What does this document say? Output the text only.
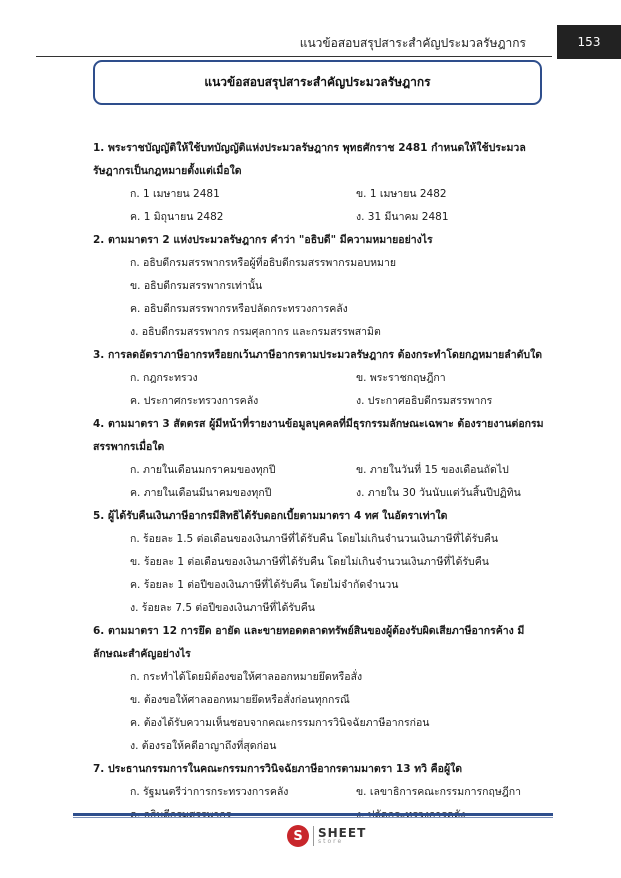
แนวข้อสอบสรุปสาระสำคัญประมวลรัษฎากร	153
แนวข้อสอบสรุปสาระสำคัญประมวลรัษฎากร
1. พระราชบัญญัติให้ใช้บทบัญญัติแห่งประมวลรัษฎากร พุทธศักราช 2481 กำหนดให้ใช้ประมวลรัษฎากรเป็นกฎหมายตั้งแต่เมื่อใด
ก. 1 เมษายน 2481	ข. 1 เมษายน 2482
ค. 1 มิถุนายน 2482	ง. 31 มีนาคม 2481
2. ตามมาตรา 2 แห่งประมวลรัษฎากร คำว่า "อธิบดี" มีความหมายอย่างไร
ก. อธิบดีกรมสรรพากรหรือผู้ที่อธิบดีกรมสรรพากรมอบหมาย
ข. อธิบดีกรมสรรพากรเท่านั้น
ค. อธิบดีกรมสรรพากรหรือปลัดกระทรวงการคลัง
ง. อธิบดีกรมสรรพากร กรมศุลกากร และกรมสรรพสามิต
3. การลดอัตราภาษีอากรหรือยกเว้นภาษีอากรตามประมวลรัษฎากร ต้องกระทำโดยกฎหมายลำดับใด
ก. กฎกระทรวง	ข. พระราชกฤษฎีกา
ค. ประกาศกระทรวงการคลัง	ง. ประกาศอธิบดีกรมสรรพากร
4. ตามมาตรา 3 สัตตรส ผู้มีหน้าที่รายงานข้อมูลบุคคลที่มีธุรกรรมลักษณะเฉพาะ ต้องรายงานต่อกรมสรรพากรเมื่อใด
ก. ภายในเดือนมกราคมของทุกปี	ข. ภายในวันที่ 15 ของเดือนถัดไป
ค. ภายในเดือนมีนาคมของทุกปี	ง. ภายใน 30 วันนับแต่วันสิ้นปีปฏิทิน
5. ผู้ได้รับคืนเงินภาษีอากรมีสิทธิได้รับดอกเบี้ยตามมาตรา 4 ทศ ในอัตราเท่าใด
ก. ร้อยละ 1.5 ต่อเดือนของเงินภาษีที่ได้รับคืน โดยไม่เกินจำนวนเงินภาษีที่ได้รับคืน
ข. ร้อยละ 1 ต่อเดือนของเงินภาษีที่ได้รับคืน โดยไม่เกินจำนวนเงินภาษีที่ได้รับคืน
ค. ร้อยละ 1 ต่อปีของเงินภาษีที่ได้รับคืน โดยไม่จำกัดจำนวน
ง. ร้อยละ 7.5 ต่อปีของเงินภาษีที่ได้รับคืน
6. ตามมาตรา 12 การยึด อายัด และขายทอดตลาดทรัพย์สินของผู้ต้องรับผิดเสียภาษีอากรค้าง มีลักษณะสำคัญอย่างไร
ก. กระทำได้โดยมิต้องขอให้ศาลออกหมายยึดหรือสั่ง
ข. ต้องขอให้ศาลออกหมายยึดหรือสั่งก่อนทุกกรณี
ค. ต้องได้รับความเห็นชอบจากคณะกรรมการวินิจฉัยภาษีอากรก่อน
ง. ต้องรอให้คดีอาญาถึงที่สุดก่อน
7. ประธานกรรมการในคณะกรรมการวินิจฉัยภาษีอากรตามมาตรา 13 ทวิ คือผู้ใด
ก. รัฐมนตรีว่าการกระทรวงการคลัง	ข. เลขาธิการคณะกรรมการกฤษฎีกา
S	SHEET
store
